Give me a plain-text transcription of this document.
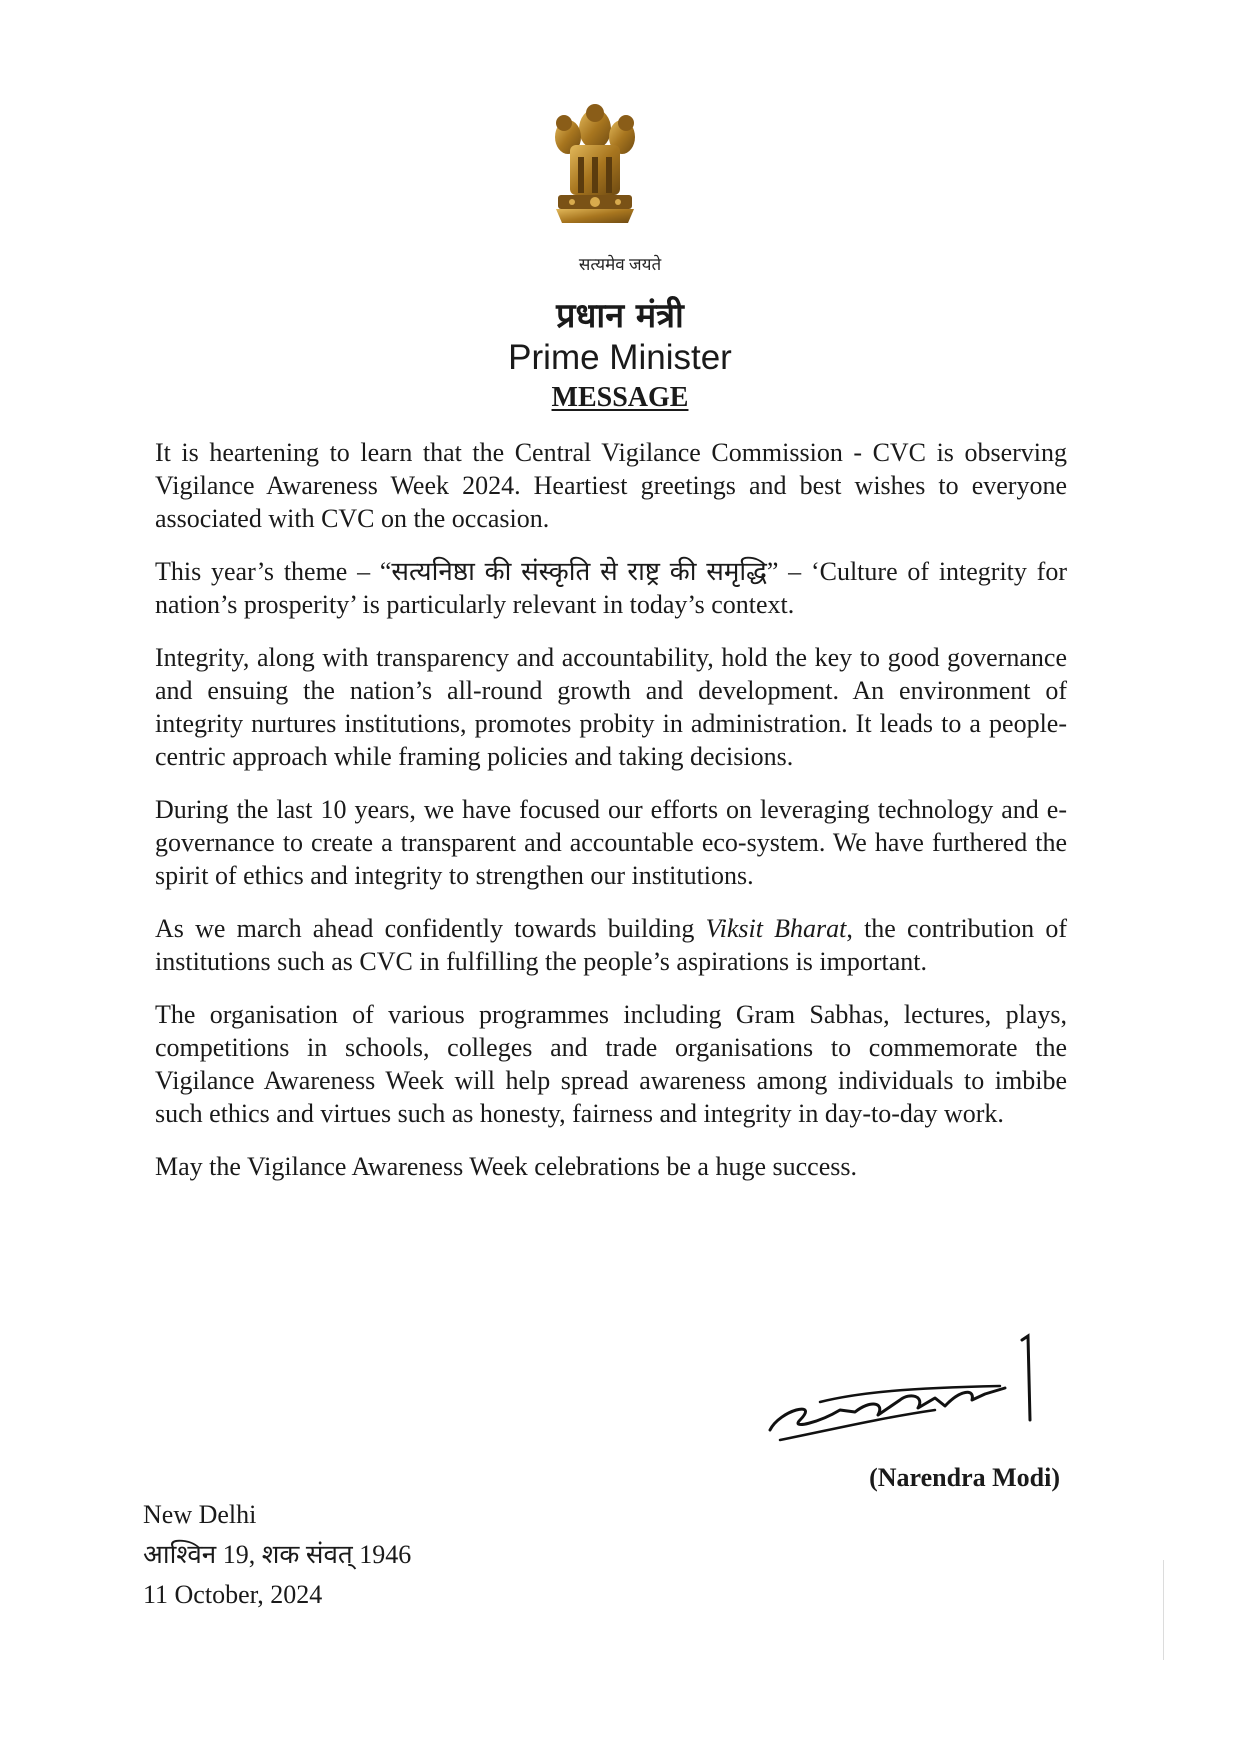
सत्यमेव जयते
प्रधान मंत्री
Prime Minister
MESSAGE

It is heartening to learn that the Central Vigilance Commission - CVC is observing Vigilance Awareness Week 2024. Heartiest greetings and best wishes to everyone associated with CVC on the occasion.

This year’s theme – “सत्यनिष्ठा की संस्कृति से राष्ट्र की समृद्धि” – ‘Culture of integrity for nation’s prosperity’ is particularly relevant in today’s context.

Integrity, along with transparency and accountability, hold the key to good governance and ensuing the nation’s all-round growth and development. An environment of integrity nurtures institutions, promotes probity in administration. It leads to a people-centric approach while framing policies and taking decisions.

During the last 10 years, we have focused our efforts on leveraging technology and e-governance to create a transparent and accountable eco-system. We have furthered the spirit of ethics and integrity to strengthen our institutions.

As we march ahead confidently towards building Viksit Bharat, the contribution of institutions such as CVC in fulfilling the people’s aspirations is important.

The organisation of various programmes including Gram Sabhas, lectures, plays, competitions in schools, colleges and trade organisations to commemorate the Vigilance Awareness Week will help spread awareness among individuals to imbibe such ethics and virtues such as honesty, fairness and integrity in day-to-day work.

May the Vigilance Awareness Week celebrations be a huge success.

(Narendra Modi)
New Delhi
आश्विन 19, शक संवत् 1946
11 October, 2024
